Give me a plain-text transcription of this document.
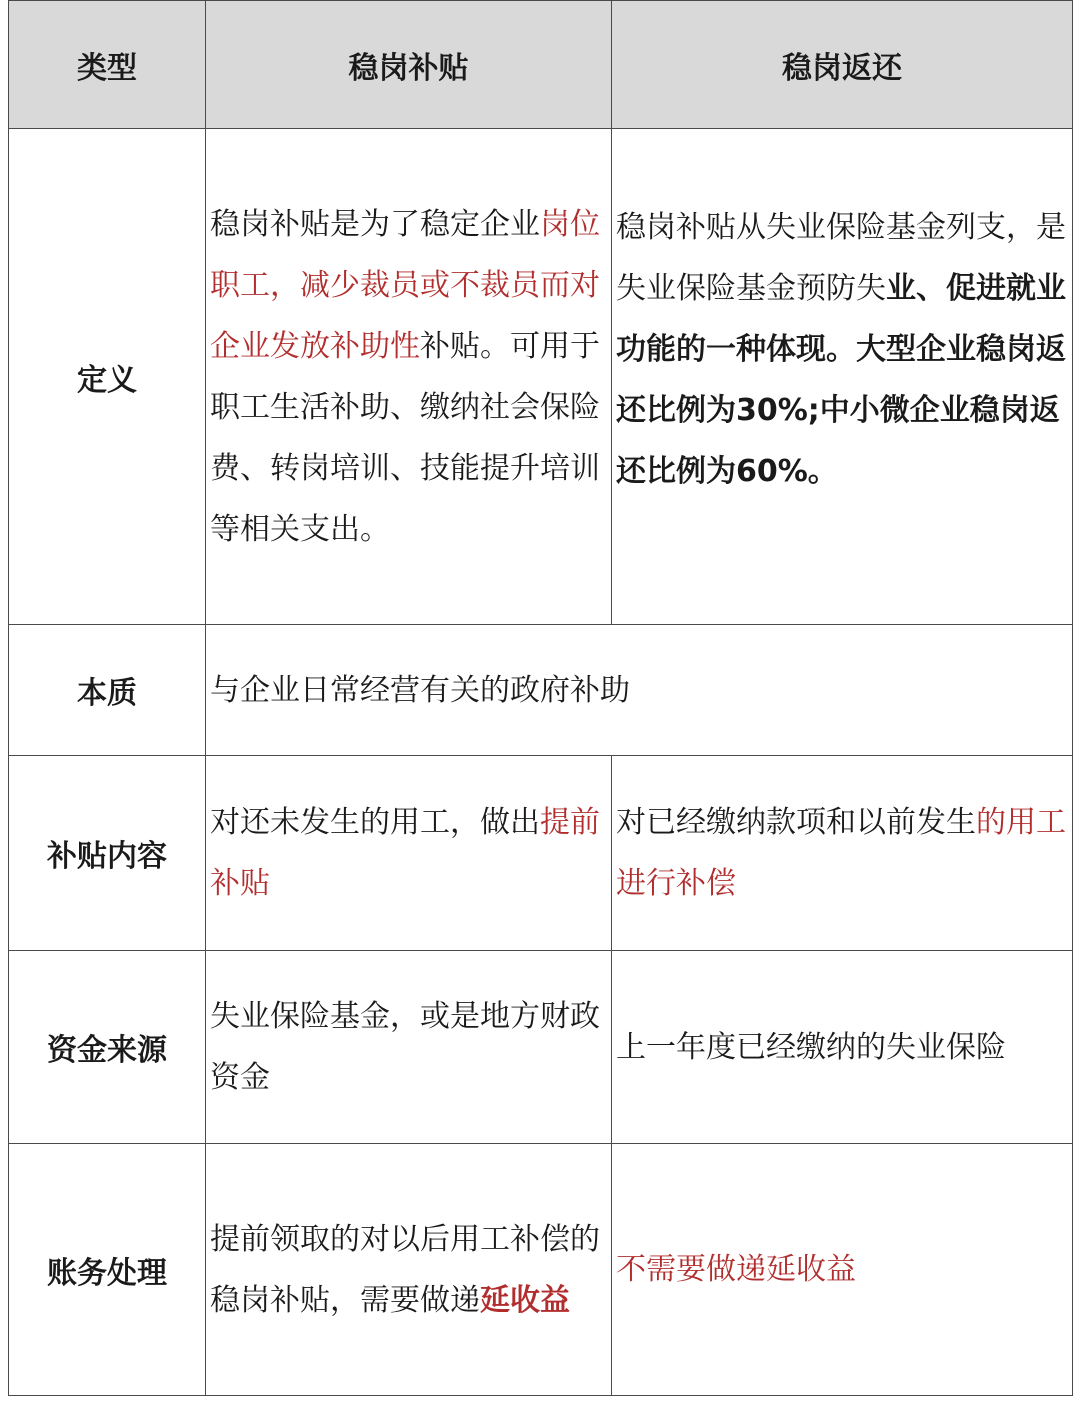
类型	稳岗补贴	稳岗返还
定义	稳岗补贴是为了稳定企业岗位职工，减少裁员或不裁员而对企业发放补助性补贴。可用于职工生活补助、缴纳社会保险费、转岗培训、技能提升培训等相关支出。	稳岗补贴从失业保险基金列支，是失业保险基金预防失业、促进就业功能的一种体现。大型企业稳岗返还比例为30%;中小微企业稳岗返还比例为60%。
本质	与企业日常经营有关的政府补助	
补贴内容	对还未发生的用工，做出提前补贴	对已经缴纳款项和以前发生的用工进行补偿
资金来源	失业保险基金，或是地方财政资金	上一年度已经缴纳的失业保险
账务处理	提前领取的对以后用工补偿的稳岗补贴，需要做递延收益	不需要做递延收益
